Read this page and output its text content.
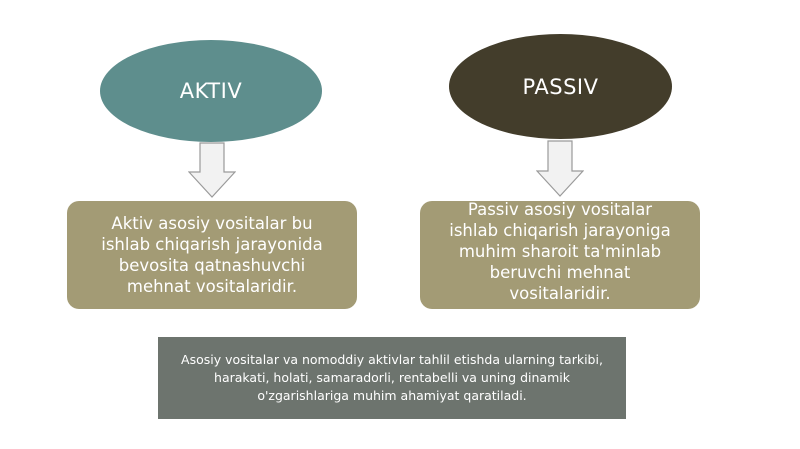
AKTIV	PASSIV
Aktiv asosiy vositalar bu ishlab chiqarish jarayonida bevosita qatnashuvchi mehnat vositalaridir.
Passiv asosiy vositalar ishlab chiqarish jarayoniga muhim sharoit ta'minlab beruvchi mehnat vositalaridir.
Asosiy vositalar va nomoddiy aktivlar tahlil etishda ularning tarkibi, harakati, holati, samaradorli, rentabelli va uning dinamik o'zgarishlariga muhim ahamiyat qaratiladi.
